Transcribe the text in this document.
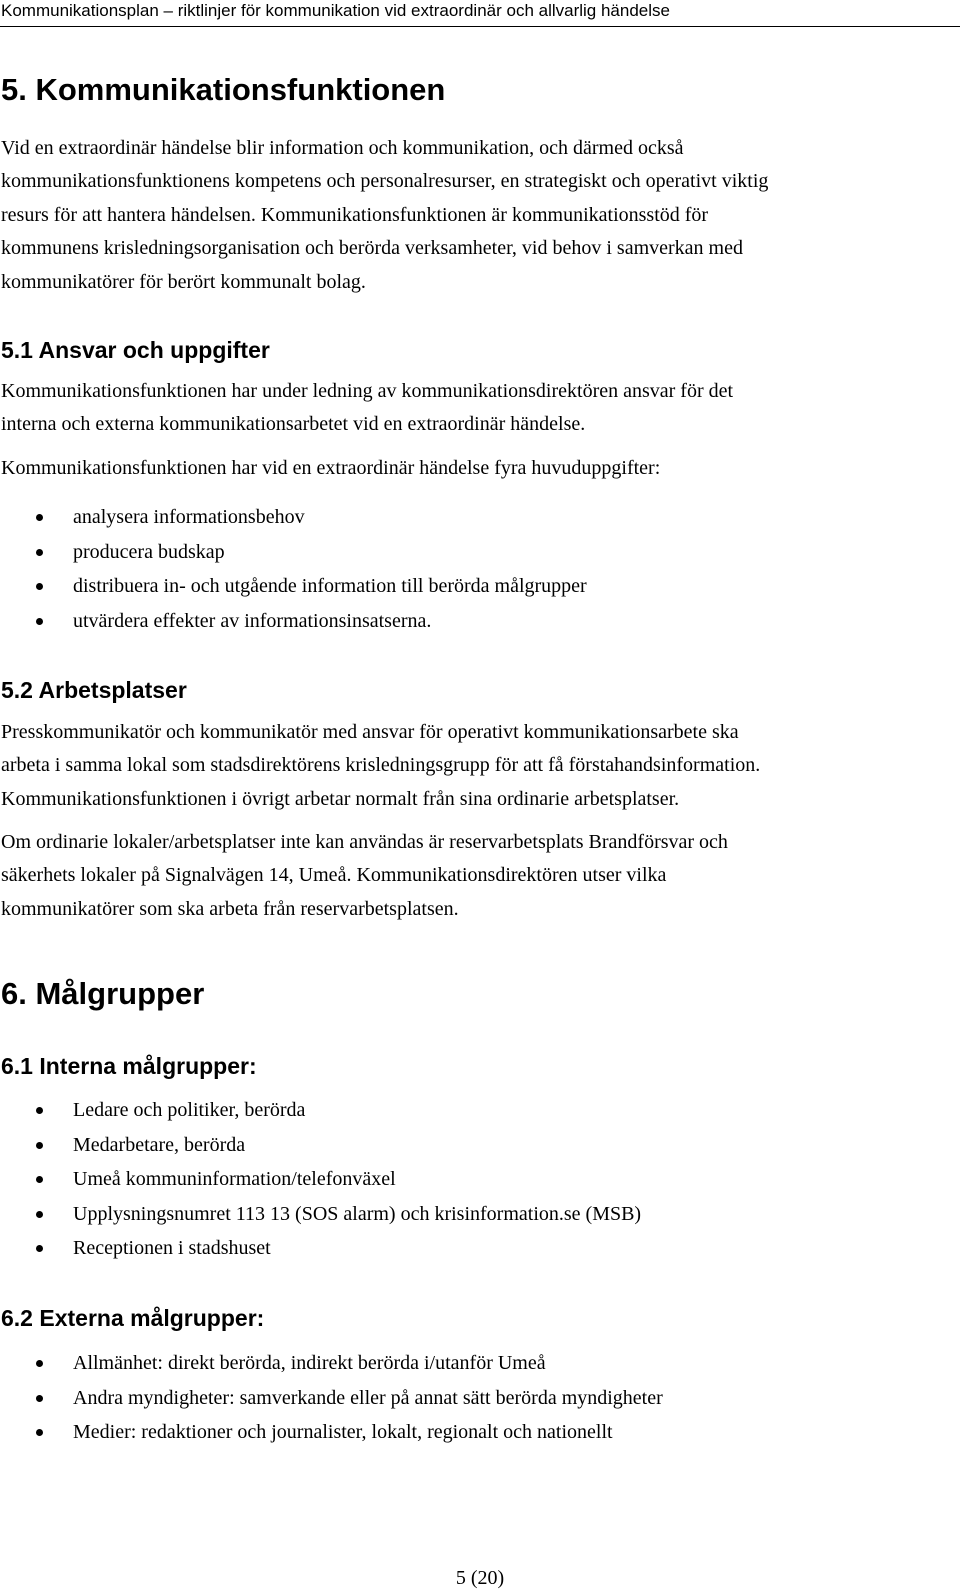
Kommunikationsplan – riktlinjer för kommunikation vid extraordinär och allvarlig händelse
5. Kommunikationsfunktionen
Vid en extraordinär händelse blir information och kommunikation, och därmed också
kommunikationsfunktionens kompetens och personalresurser, en strategiskt och operativt viktig
resurs för att hantera händelsen. Kommunikationsfunktionen är kommunikationsstöd för
kommunens krisledningsorganisation och berörda verksamheter, vid behov i samverkan med
kommunikatörer för berört kommunalt bolag.
5.1 Ansvar och uppgifter
Kommunikationsfunktionen har under ledning av kommunikationsdirektören ansvar för det
interna och externa kommunikationsarbetet vid en extraordinär händelse.
Kommunikationsfunktionen har vid en extraordinär händelse fyra huvuduppgifter:
analysera informationsbehov
producera budskap
distribuera in- och utgående information till berörda målgrupper
utvärdera effekter av informationsinsatserna.
5.2 Arbetsplatser
Presskommunikatör och kommunikatör med ansvar för operativt kommunikationsarbete ska
arbeta i samma lokal som stadsdirektörens krisledningsgrupp för att få förstahandsinformation.
Kommunikationsfunktionen i övrigt arbetar normalt från sina ordinarie arbetsplatser.
Om ordinarie lokaler/arbetsplatser inte kan användas är reservarbetsplats Brandförsvar och
säkerhets lokaler på Signalvägen 14, Umeå. Kommunikationsdirektören utser vilka
kommunikatörer som ska arbeta från reservarbetsplatsen.
6. Målgrupper
6.1 Interna målgrupper:
Ledare och politiker, berörda
Medarbetare, berörda
Umeå kommuninformation/telefonväxel
Upplysningsnumret 113 13 (SOS alarm) och krisinformation.se (MSB)
Receptionen i stadshuset
6.2 Externa målgrupper:
Allmänhet: direkt berörda, indirekt berörda i/utanför Umeå
Andra myndigheter: samverkande eller på annat sätt berörda myndigheter
Medier: redaktioner och journalister, lokalt, regionalt och nationellt
5 (20)
